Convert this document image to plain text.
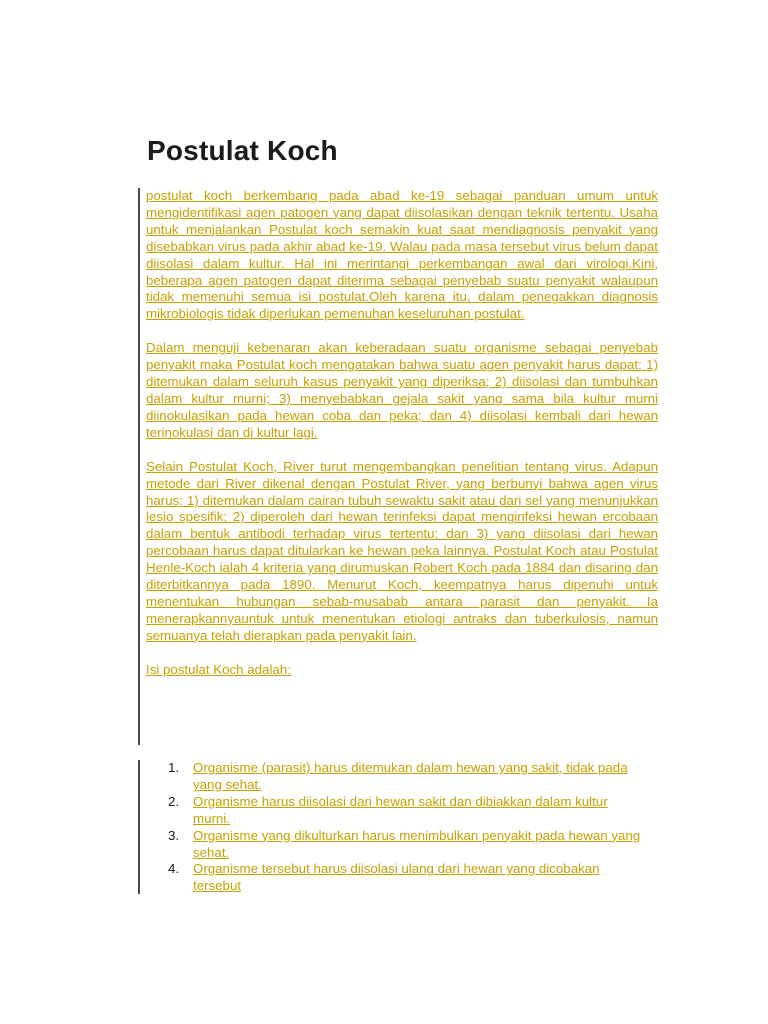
Postulat Koch

postulat koch berkembang pada abad ke-19 sebagai panduan umum untuk mengidentifikasi agen patogen yang dapat diisolasikan dengan teknik tertentu. Usaha untuk menjalankan Postulat koch semakin kuat saat mendiagnosis penyakit yang disebabkan virus pada akhir abad ke-19. Walau pada masa tersebut virus belum dapat diisolasi dalam kultur. Hal ini merintangi perkembangan awal dari virologi.Kini, beberapa agen patogen dapat diterima sebagai penyebab suatu penyakit walaupun tidak memenuhi semua isi postulat.Oleh karena itu, dalam penegakkan diagnosis mikrobiologis tidak diperlukan pemenuhan keseluruhan postulat.

Dalam menguji kebenaran akan keberadaan suatu organisme sebagai penyebab penyakit maka Postulat koch mengatakan bahwa suatu agen penyakit harus dapat: 1) ditemukan dalam seluruh kasus penyakit yang diperiksa; 2) diisolasi dan tumbuhkan dalam kultur murni; 3) menyebabkan gejala sakit yang sama bila kultur murni diinokulasikan pada hewan coba dan peka; dan 4) diisolasi kembali dari hewan terinokulasi dan di kultur lagi.

Selain Postulat Koch, River turut mengembangkan penelitian tentang virus. Adapun metode dari River dikenal dengan Postulat River, yang berbunyi bahwa agen virus harus: 1) ditemukan dalam cairan tubuh sewaktu sakit atau dari sel yang menunjukkan lesio spesifik; 2) diperoleh dari hewan terinfeksi dapat menginfeksi hewan ercobaan dalam bentuk antibodi terhadap virus tertentu; dan 3) yang diisolasi dari hewan percobaan harus dapat ditularkan ke hewan peka lainnya. Postulat Koch atau Postulat Henle-Koch ialah 4 kriteria yang dirumuskan Robert Koch pada 1884 dan disaring dan diterbitkannya pada 1890. Menurut Koch, keempatnya harus dipenuhi untuk menentukan hubungan sebab-musabab antara parasit dan penyakit. Ia menerapkannyauntuk untuk menentukan etiologi antraks dan tuberkulosis, namun semuanya telah dierapkan pada penyakit lain.

Isi postulat Koch adalah:

1. Organisme (parasit) harus ditemukan dalam hewan yang sakit, tidak pada yang sehat.
2. Organisme harus diisolasi dari hewan sakit dan dibiakkan dalam kultur murni.
3. Organisme yang dikulturkan harus menimbulkan penyakit pada hewan yang sehat.
4. Organisme tersebut harus diisolasi ulang dari hewan yang dicobakan tersebut
